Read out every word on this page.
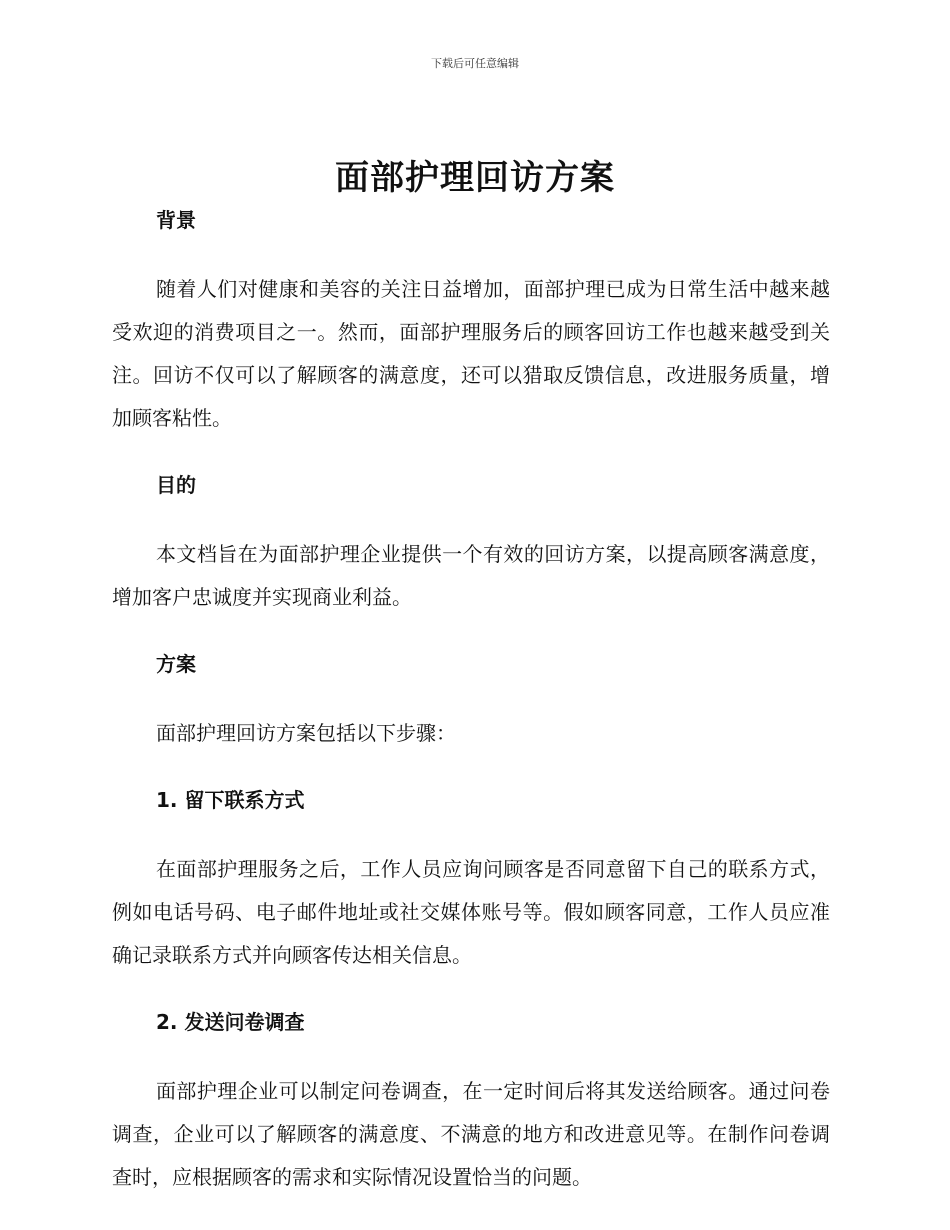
下载后可任意编辑
面部护理回访方案
背景

随着人们对健康和美容的关注日益增加，面部护理已成为日常生活中越来越受欢迎的消费项目之一。然而，面部护理服务后的顾客回访工作也越来越受到关注。回访不仅可以了解顾客的满意度，还可以猎取反馈信息，改进服务质量，增加顾客粘性。

目的

本文档旨在为面部护理企业提供一个有效的回访方案，以提高顾客满意度，增加客户忠诚度并实现商业利益。

方案

面部护理回访方案包括以下步骤：

1. 留下联系方式

在面部护理服务之后，工作人员应询问顾客是否同意留下自己的联系方式，例如电话号码、电子邮件地址或社交媒体账号等。假如顾客同意，工作人员应准确记录联系方式并向顾客传达相关信息。

2. 发送问卷调查

面部护理企业可以制定问卷调查，在一定时间后将其发送给顾客。通过问卷调查，企业可以了解顾客的满意度、不满意的地方和改进意见等。在制作问卷调查时，应根据顾客的需求和实际情况设置恰当的问题。
